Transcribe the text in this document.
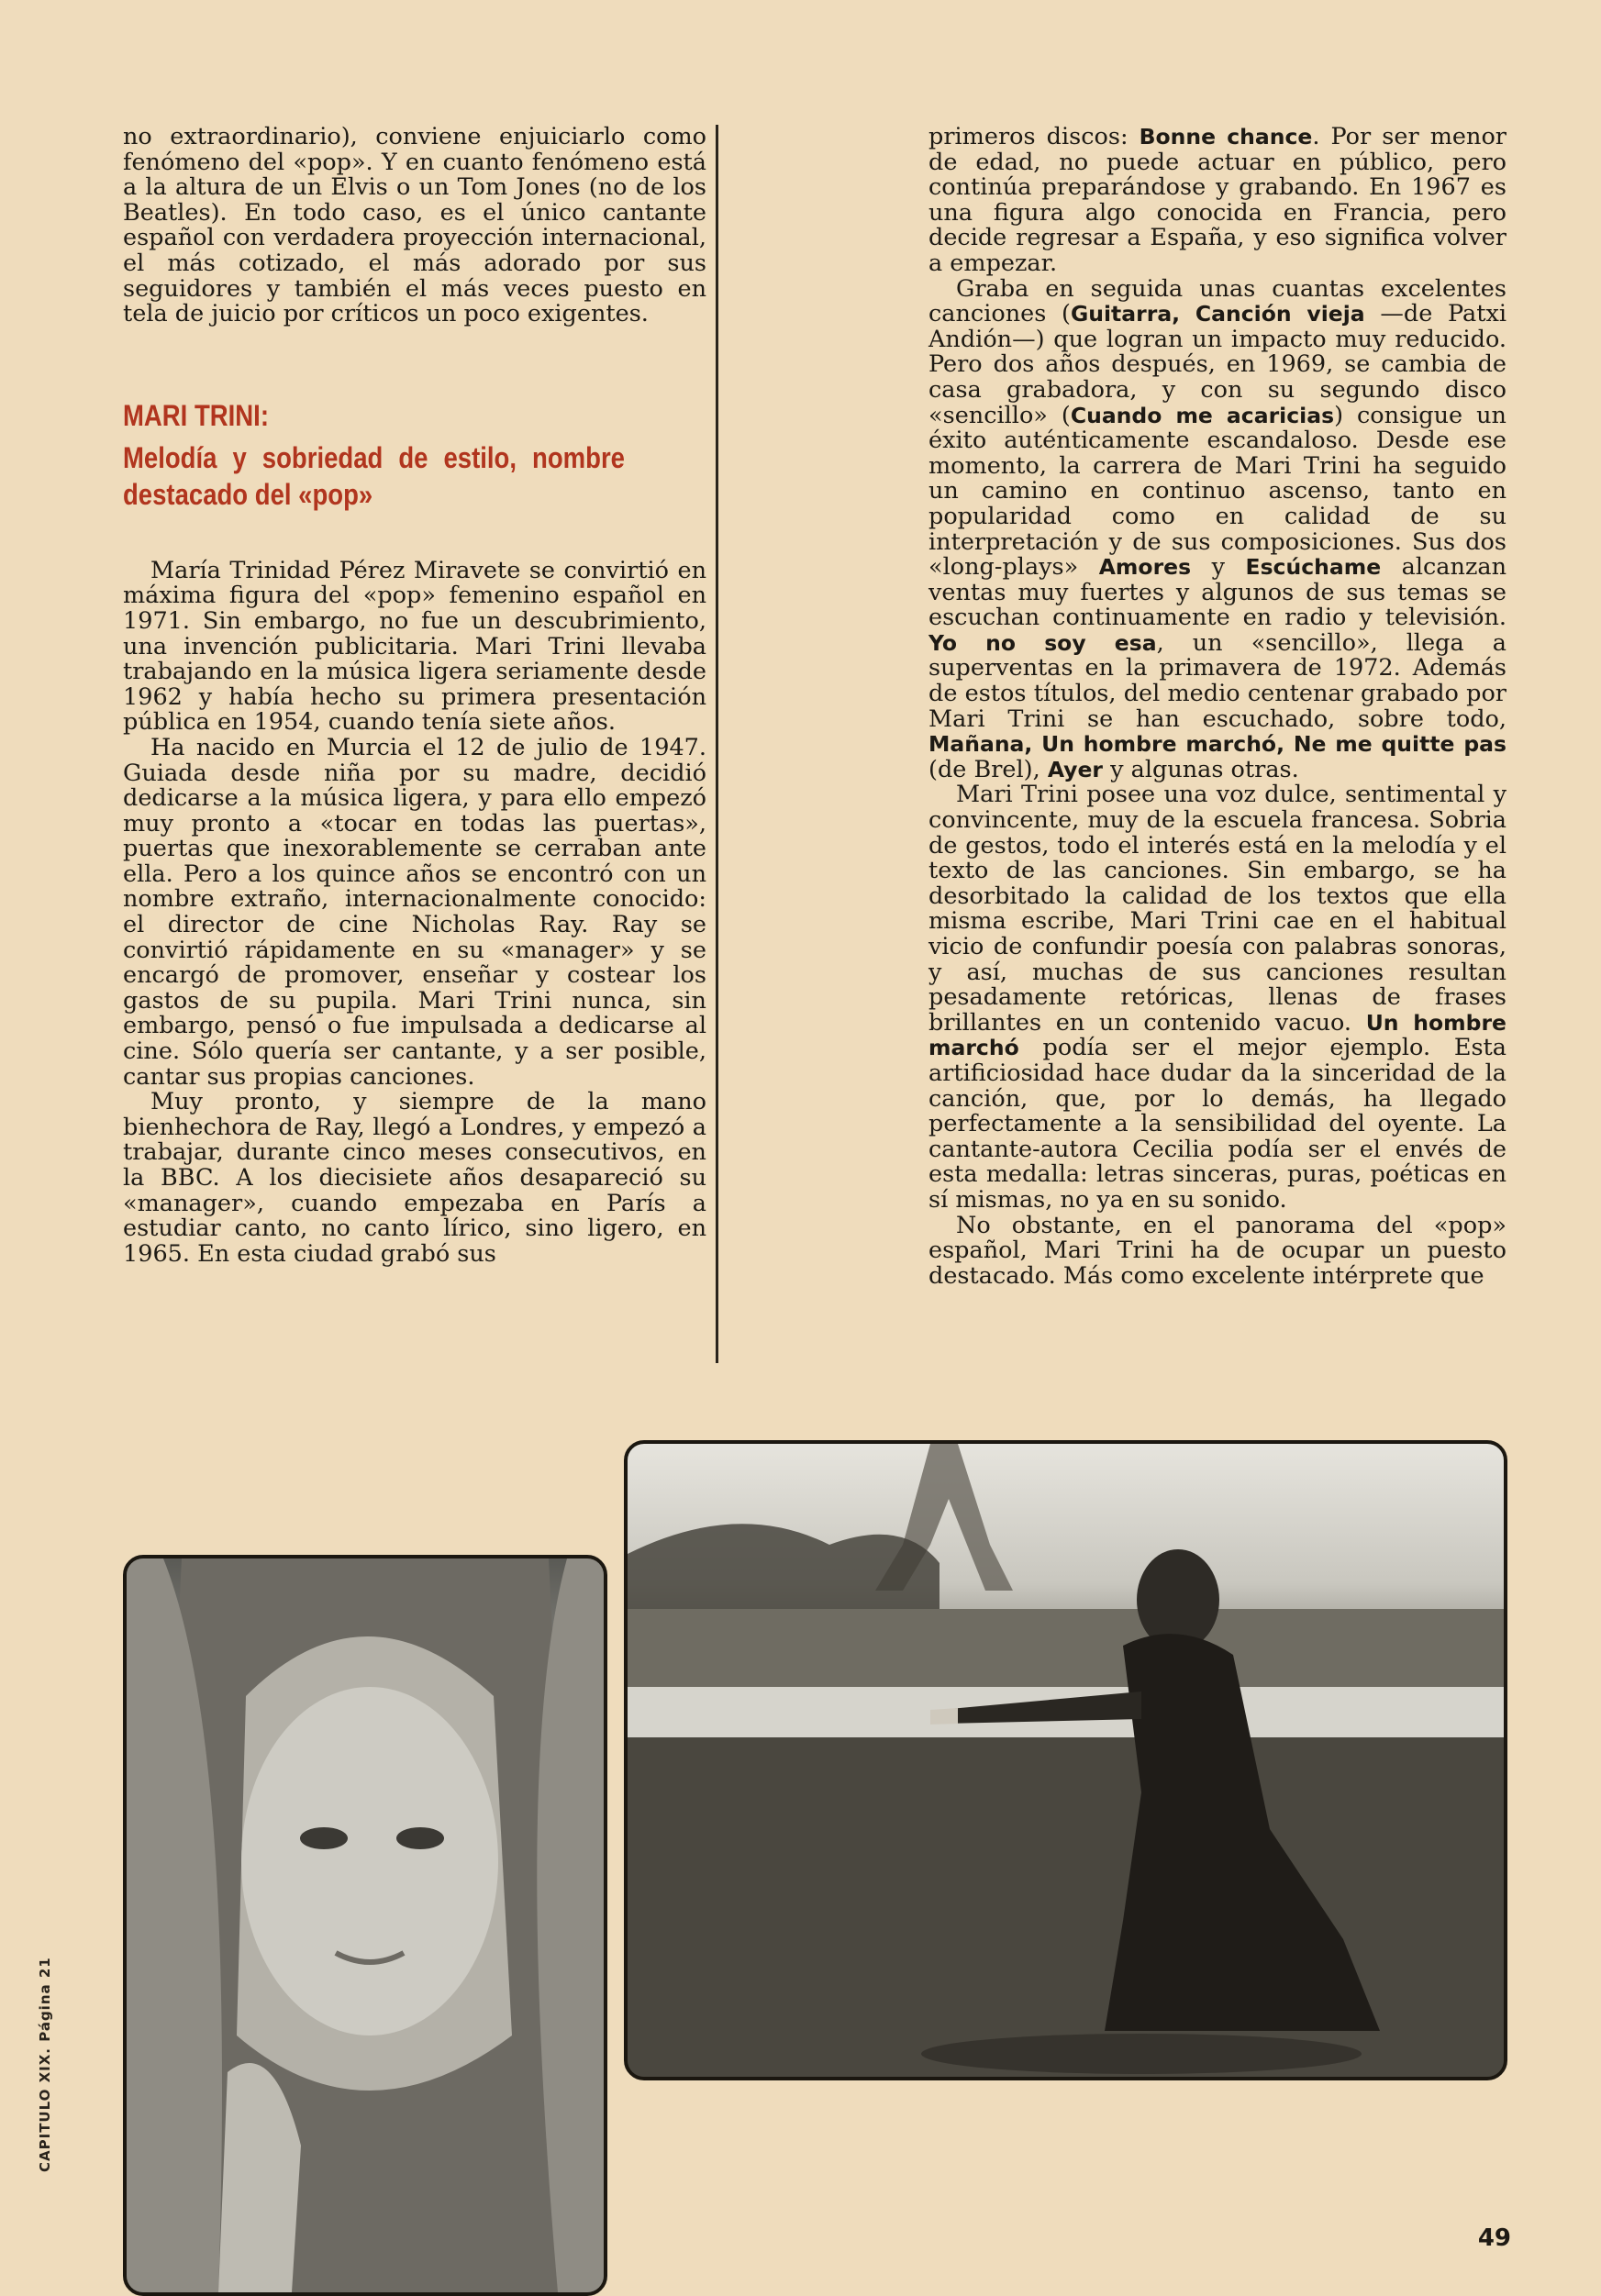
no extraordinario), conviene enjuiciarlo como fenómeno del «pop». Y en cuanto fenómeno está a la altura de un Elvis o un Tom Jones (no de los Beatles). En todo caso, es el único cantante español con verdadera proyección internacional, el más cotizado, el más adorado por sus seguidores y también el más veces puesto en tela de juicio por críticos un poco exigentes.

MARI TRINI:
Melodía y sobriedad de estilo, nombre destacado del «pop»

María Trinidad Pérez Miravete se convirtió en máxima figura del «pop» femenino español en 1971. Sin embargo, no fue un descubrimiento, una invención publicitaria. Mari Trini llevaba trabajando en la música ligera seriamente desde 1962 y había hecho su primera presentación pública en 1954, cuando tenía siete años.

Ha nacido en Murcia el 12 de julio de 1947. Guiada desde niña por su madre, decidió dedicarse a la música ligera, y para ello empezó muy pronto a «tocar en todas las puertas», puertas que inexorablemente se cerraban ante ella. Pero a los quince años se encontró con un nombre extraño, internacionalmente conocido: el director de cine Nicholas Ray. Ray se convirtió rápidamente en su «manager» y se encargó de promover, enseñar y costear los gastos de su pupila. Mari Trini nunca, sin embargo, pensó o fue impulsada a dedicarse al cine. Sólo quería ser cantante, y a ser posible, cantar sus propias canciones.

Muy pronto, y siempre de la mano bienhechora de Ray, llegó a Londres, y empezó a trabajar, durante cinco meses consecutivos, en la BBC. A los diecisiete años desapareció su «manager», cuando empezaba en París a estudiar canto, no canto lírico, sino ligero, en 1965. En esta ciudad grabó sus

primeros discos: Bonne chance. Por ser menor de edad, no puede actuar en público, pero continúa preparándose y grabando. En 1967 es una figura algo conocida en Francia, pero decide regresar a España, y eso significa volver a empezar.

Graba en seguida unas cuantas excelentes canciones (Guitarra, Canción vieja —de Patxi Andión—) que logran un impacto muy reducido. Pero dos años después, en 1969, se cambia de casa grabadora, y con su segundo disco «sencillo» (Cuando me acaricias) consigue un éxito auténticamente escandaloso. Desde ese momento, la carrera de Mari Trini ha seguido un camino en continuo ascenso, tanto en popularidad como en calidad de su interpretación y de sus composiciones. Sus dos «long-plays» Amores y Escúchame alcanzan ventas muy fuertes y algunos de sus temas se escuchan continuamente en radio y televisión. Yo no soy esa, un «sencillo», llega a superventas en la primavera de 1972. Además de estos títulos, del medio centenar grabado por Mari Trini se han escuchado, sobre todo, Mañana, Un hombre marchó, Ne me quitte pas (de Brel), Ayer y algunas otras.

Mari Trini posee una voz dulce, sentimental y convincente, muy de la escuela francesa. Sobria de gestos, todo el interés está en la melodía y el texto de las canciones. Sin embargo, se ha desorbitado la calidad de los textos que ella misma escribe, Mari Trini cae en el habitual vicio de confundir poesía con palabras sonoras, y así, muchas de sus canciones resultan pesadamente retóricas, llenas de frases brillantes en un contenido vacuo. Un hombre marchó podía ser el mejor ejemplo. Esta artificiosidad hace dudar da la sinceridad de la canción, que, por lo demás, ha llegado perfectamente a la sensibilidad del oyente. La cantante-autora Cecilia podía ser el envés de esta medalla: letras sinceras, puras, poéticas en sí mismas, no ya en su sonido.

No obstante, en el panorama del «pop» español, Mari Trini ha de ocupar un puesto destacado. Más como excelente intérprete que

CAPITULO XIX. Página 21
49
